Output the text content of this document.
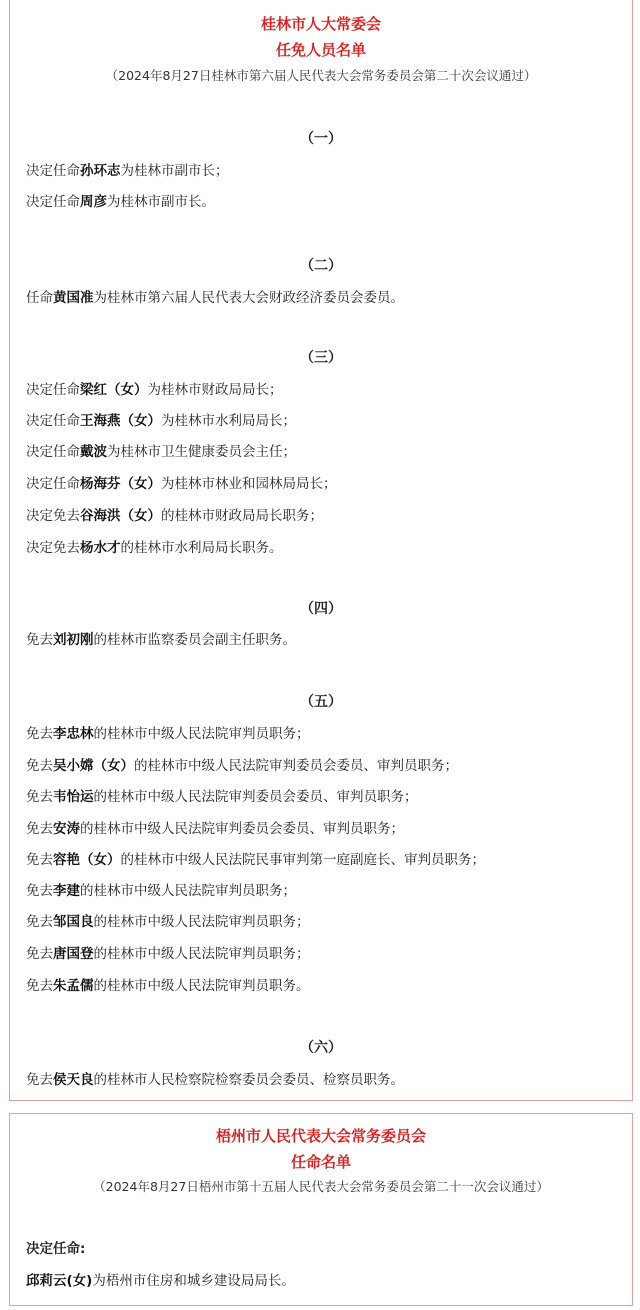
桂林市人大常委会
任免人员名单
（2024年8月27日桂林市第六届人民代表大会常务委员会第二十次会议通过）
（一）
决定任命孙环志为桂林市副市长；
决定任命周彦为桂林市副市长。
（二）
任命黄国准为桂林市第六届人民代表大会财政经济委员会委员。
（三）
决定任命梁红（女）为桂林市财政局局长；
决定任命王海燕（女）为桂林市水利局局长；
决定任命戴波为桂林市卫生健康委员会主任；
决定任命杨海芬（女）为桂林市林业和园林局局长；
决定免去谷海洪（女）的桂林市财政局局长职务；
决定免去杨水才的桂林市水利局局长职务。
（四）
免去刘初刚的桂林市监察委员会副主任职务。
（五）
免去李忠林的桂林市中级人民法院审判员职务；
免去吴小嫦（女）的桂林市中级人民法院审判委员会委员、审判员职务；
免去韦怡运的桂林市中级人民法院审判委员会委员、审判员职务；
免去安涛的桂林市中级人民法院审判委员会委员、审判员职务；
免去容艳（女）的桂林市中级人民法院民事审判第一庭副庭长、审判员职务；
免去李建的桂林市中级人民法院审判员职务；
免去邹国良的桂林市中级人民法院审判员职务；
免去唐国登的桂林市中级人民法院审判员职务；
免去朱孟儒的桂林市中级人民法院审判员职务。
（六）
免去侯天良的桂林市人民检察院检察委员会委员、检察员职务。
梧州市人民代表大会常务委员会
任命名单
（2024年8月27日梧州市第十五届人民代表大会常务委员会第二十一次会议通过）
决定任命:
邱莉云(女)为梧州市住房和城乡建设局局长。
